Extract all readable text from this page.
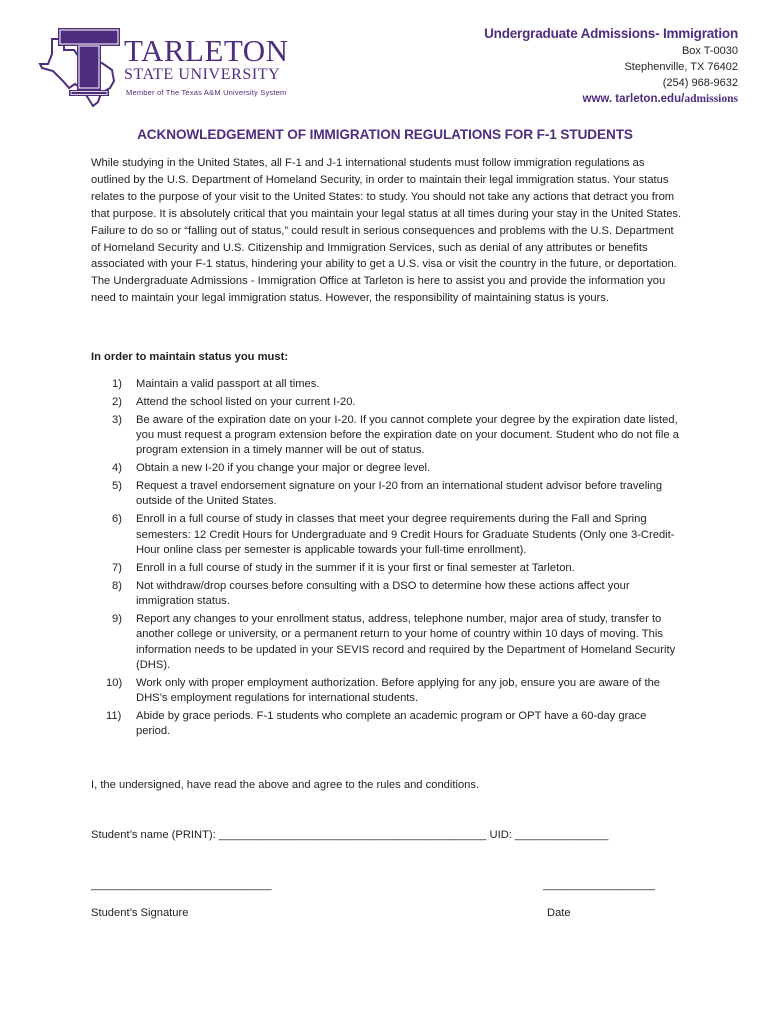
TARLETON
STATE UNIVERSITY
Member of The Texas A&M University System
Undergraduate Admissions- Immigration
Box T-0030
Stephenville, TX 76402
(254) 968-9632
www. tarleton.edu/admissions
ACKNOWLEDGEMENT OF IMMIGRATION REGULATIONS FOR F-1 STUDENTS

While studying in the United States, all F-1 and J-1 international students must follow immigration regulations as outlined by the U.S. Department of Homeland Security, in order to maintain their legal immigration status. Your status relates to the purpose of your visit to the United States: to study. You should not take any actions that detract you from that purpose. It is absolutely critical that you maintain your legal status at all times during your stay in the United States. Failure to do so or “falling out of status,” could result in serious consequences and problems with the U.S. Department of Homeland Security and U.S. Citizenship and Immigration Services, such as denial of any attributes or benefits associated with your F-1 status, hindering your ability to get a U.S. visa or visit the country in the future, or deportation. The Undergraduate Admissions - Immigration Office at Tarleton is here to assist you and provide the information you need to maintain your legal immigration status. However, the responsibility of maintaining status is yours.

In order to maintain status you must:

1) Maintain a valid passport at all times.
2) Attend the school listed on your current I-20.
3) Be aware of the expiration date on your I-20. If you cannot complete your degree by the expiration date listed, you must request a program extension before the expiration date on your document. Student who do not file a program extension in a timely manner will be out of status.
4) Obtain a new I-20 if you change your major or degree level.
5) Request a travel endorsement signature on your I-20 from an international student advisor before traveling outside of the United States.
6) Enroll in a full course of study in classes that meet your degree requirements during the Fall and Spring semesters: 12 Credit Hours for Undergraduate and 9 Credit Hours for Graduate Students (Only one 3-Credit-Hour online class per semester is applicable towards your full-time enrollment).
7) Enroll in a full course of study in the summer if it is your first or final semester at Tarleton.
8) Not withdraw/drop courses before consulting with a DSO to determine how these actions affect your immigration status.
9) Report any changes to your enrollment status, address, telephone number, major area of study, transfer to another college or university, or a permanent return to your home of country within 10 days of moving. This information needs to be updated in your SEVIS record and required by the Department of Homeland Security (DHS).
10) Work only with proper employment authorization. Before applying for any job, ensure you are aware of the DHS’s employment regulations for international students.
11) Abide by grace periods. F-1 students who complete an academic program or OPT have a 60-day grace period.

I, the undersigned, have read the above and agree to the rules and conditions.

Student’s name (PRINT): ___________________________________________ UID: _______________

_____________________________	__________________
Student’s Signature	Date
